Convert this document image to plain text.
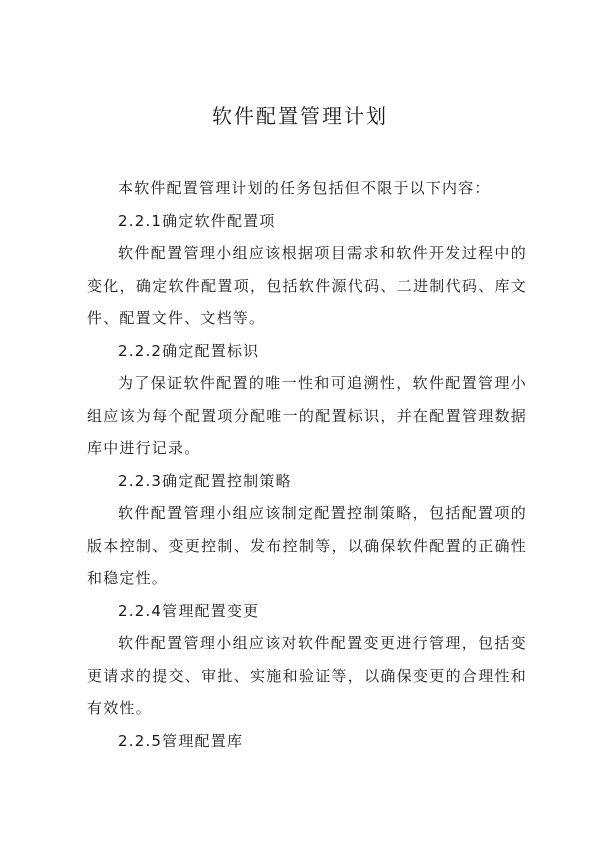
软件配置管理计划

本软件配置管理计划的任务包括但不限于以下内容：

2.2.1确定软件配置项

软件配置管理小组应该根据项目需求和软件开发过程中的变化，确定软件配置项，包括软件源代码、二进制代码、库文件、配置文件、文档等。

2.2.2确定配置标识

为了保证软件配置的唯一性和可追溯性，软件配置管理小组应该为每个配置项分配唯一的配置标识，并在配置管理数据库中进行记录。

2.2.3确定配置控制策略

软件配置管理小组应该制定配置控制策略，包括配置项的版本控制、变更控制、发布控制等，以确保软件配置的正确性和稳定性。

2.2.4管理配置变更

软件配置管理小组应该对软件配置变更进行管理，包括变更请求的提交、审批、实施和验证等，以确保变更的合理性和有效性。

2.2.5管理配置库
